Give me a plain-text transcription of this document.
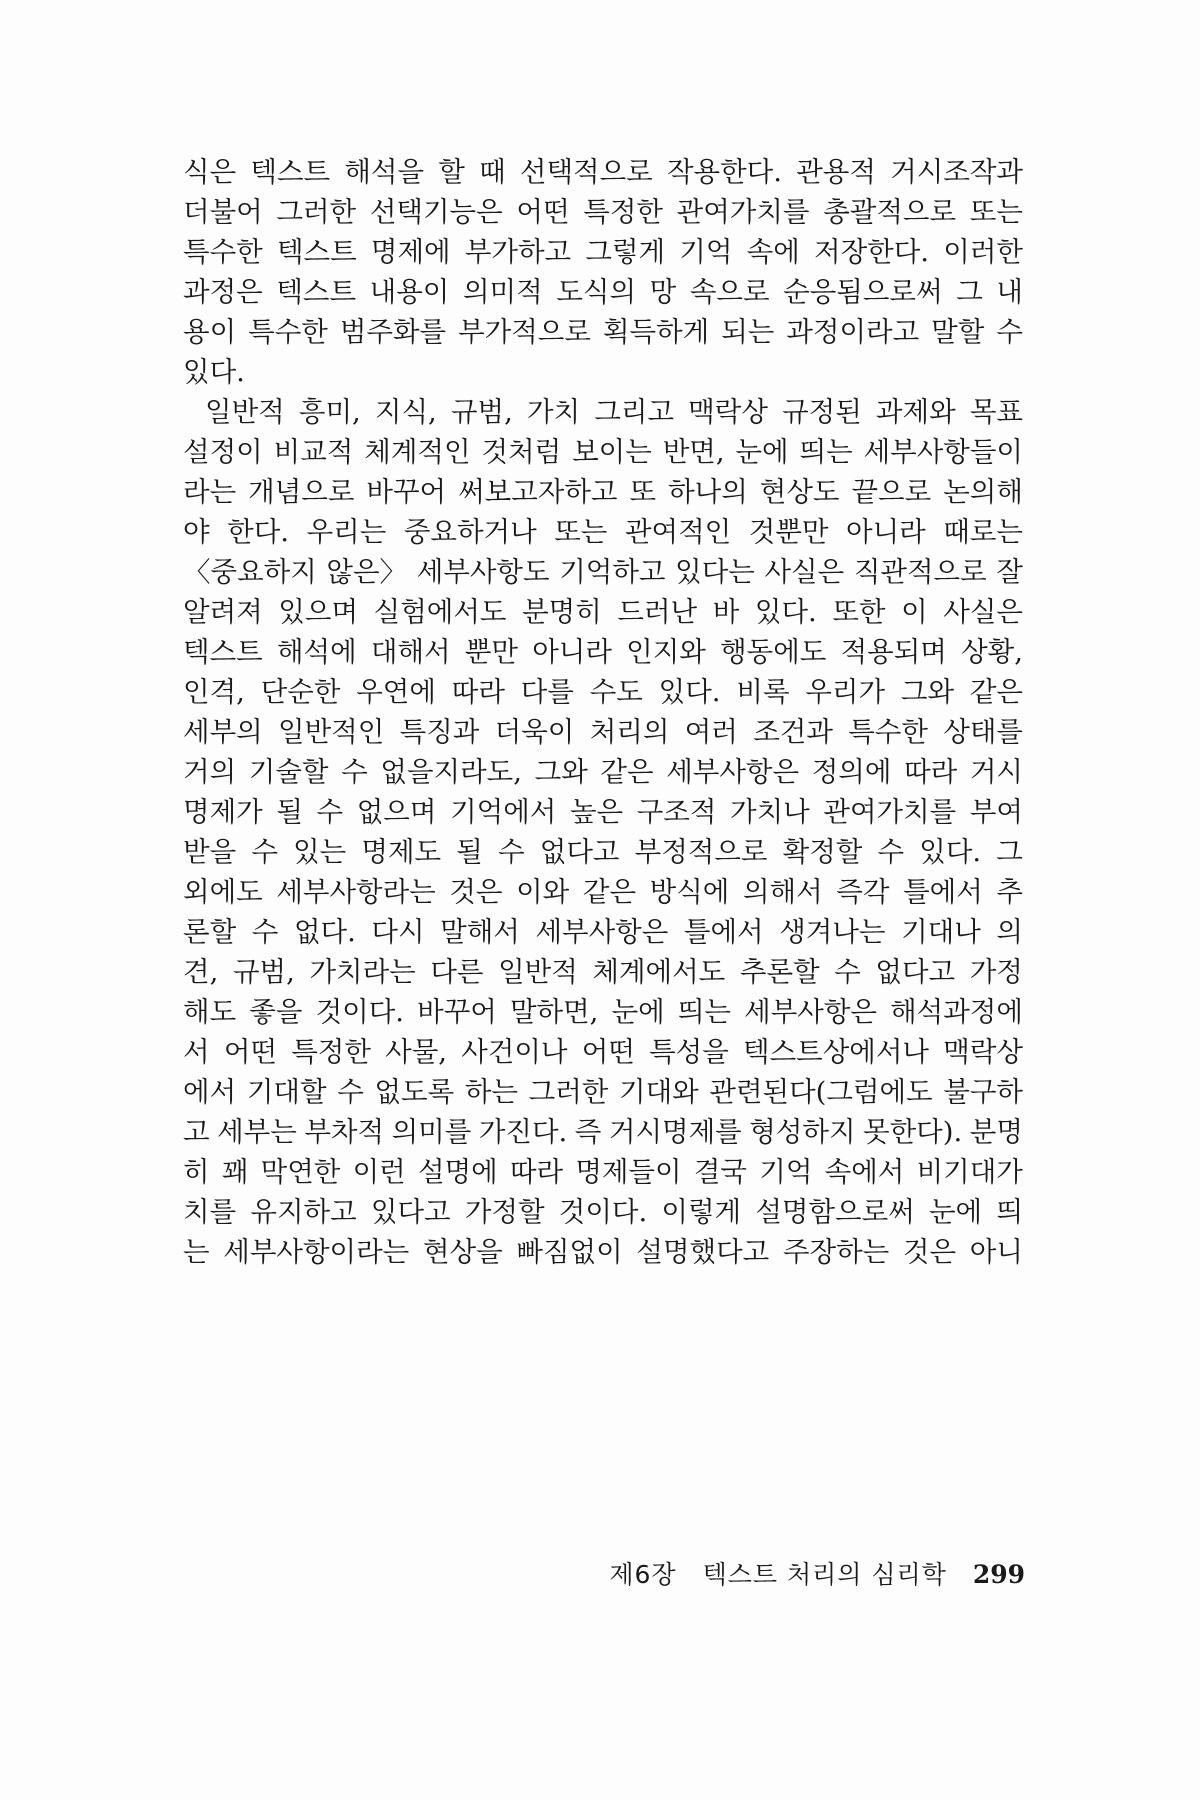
식은 텍스트 해석을 할 때 선택적으로 작용한다. 관용적 거시조작과
더불어 그러한 선택기능은 어떤 특정한 관여가치를 총괄적으로 또는
특수한 텍스트 명제에 부가하고 그렇게 기억 속에 저장한다. 이러한
과정은 텍스트 내용이 의미적 도식의 망 속으로 순응됨으로써 그 내
용이 특수한 범주화를 부가적으로 획득하게 되는 과정이라고 말할 수
있다.
일반적 흥미, 지식, 규범, 가치 그리고 맥락상 규정된 과제와 목표
설정이 비교적 체계적인 것처럼 보이는 반면, 눈에 띄는 세부사항들이
라는 개념으로 바꾸어 써보고자하고 또 하나의 현상도 끝으로 논의해
야 한다. 우리는 중요하거나 또는 관여적인 것뿐만 아니라 때로는
〈중요하지 않은〉 세부사항도 기억하고 있다는 사실은 직관적으로 잘
알려져 있으며 실험에서도 분명히 드러난 바 있다. 또한 이 사실은
텍스트 해석에 대해서 뿐만 아니라 인지와 행동에도 적용되며 상황,
인격, 단순한 우연에 따라 다를 수도 있다. 비록 우리가 그와 같은
세부의 일반적인 특징과 더욱이 처리의 여러 조건과 특수한 상태를
거의 기술할 수 없을지라도, 그와 같은 세부사항은 정의에 따라 거시
명제가 될 수 없으며 기억에서 높은 구조적 가치나 관여가치를 부여
받을 수 있는 명제도 될 수 없다고 부정적으로 확정할 수 있다. 그
외에도 세부사항라는 것은 이와 같은 방식에 의해서 즉각 틀에서 추
론할 수 없다. 다시 말해서 세부사항은 틀에서 생겨나는 기대나 의
견, 규범, 가치라는 다른 일반적 체계에서도 추론할 수 없다고 가정
해도 좋을 것이다. 바꾸어 말하면, 눈에 띄는 세부사항은 해석과정에
서 어떤 특정한 사물, 사건이나 어떤 특성을 텍스트상에서나 맥락상
에서 기대할 수 없도록 하는 그러한 기대와 관련된다(그럼에도 불구하
고 세부는 부차적 의미를 가진다. 즉 거시명제를 형성하지 못한다). 분명
히 꽤 막연한 이런 설명에 따라 명제들이 결국 기억 속에서 비기대가
치를 유지하고 있다고 가정할 것이다. 이렇게 설명함으로써 눈에 띄
는 세부사항이라는 현상을 빠짐없이 설명했다고 주장하는 것은 아니
제6장 텍스트 처리의 심리학 299
